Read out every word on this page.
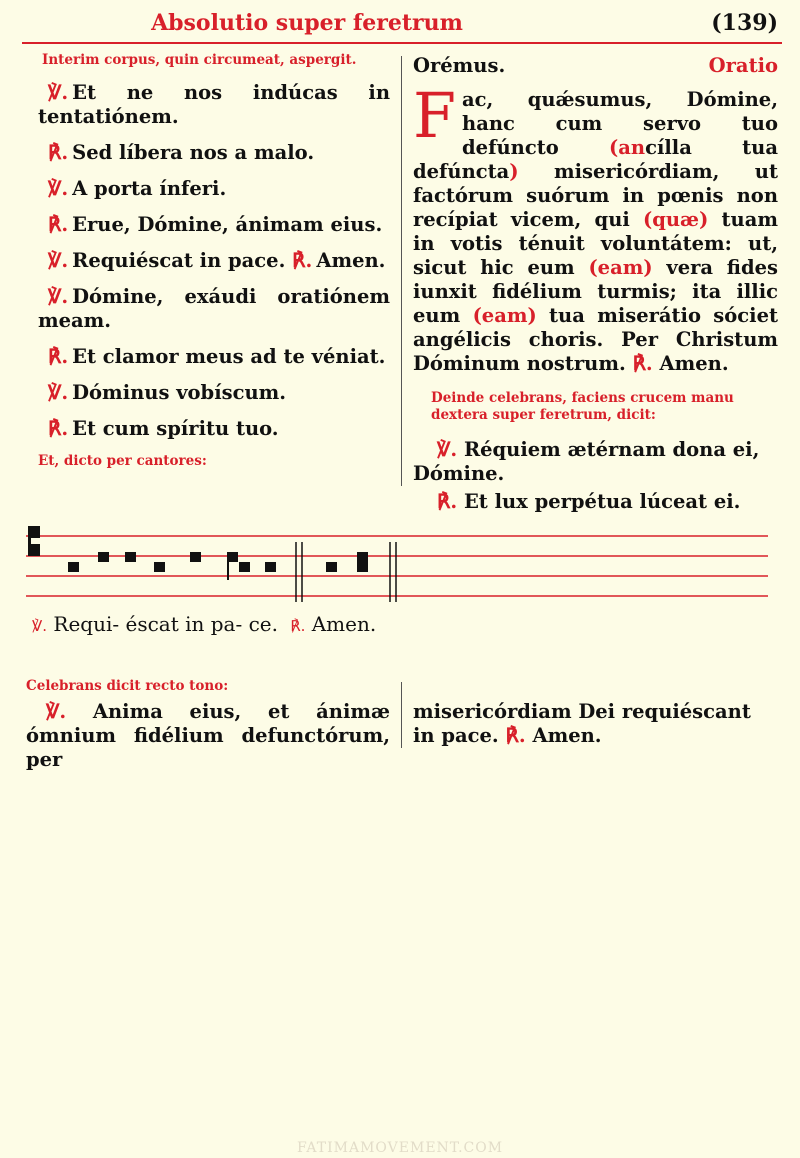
Absolutio super feretrum	(139)

Interim corpus, quin circumeat, aspergit.

℣. Et ne nos indúcas in tentatiónem.

℟. Sed líbera nos a malo.

℣. A porta ínferi.

℟. Erue, Dómine, ánimam eius.

℣. Requiéscat in pace. ℟. Amen.

℣. Dómine, exáudi oratiónem meam.

℟. Et clamor meus ad te véniat.

℣. Dóminus vobíscum.

℟. Et cum spíritu tuo.

Et, dicto per cantores:

Orémus.	Oratio

Fac, quǽsumus, Dómine, hanc cum servo tuo defúncto (ancílla tua defúncta) misericórdiam, ut factórum suórum in pœnis non recípiat vicem, qui (quæ) tuam in votis ténuit voluntátem: ut, sicut hic eum (eam) vera fides iunxit fidélium turmis; ita illic eum (eam) tua miserátio sóciet angélicis choris. Per Christum Dóminum nostrum. ℟. Amen.

Deinde celebrans, faciens crucem manu dextera super feretrum, dicit:

℣. Réquiem ætérnam dona ei, Dómine.

℟. Et lux perpétua lúceat ei.

℣. Requi- éscat in pa- ce. ℟. Amen.

Celebrans dicit recto tono:

℣. Anima eius, et ánimæ ómnium fidélium defunctórum, per

misericórdiam Dei requiéscant in pace. ℟. Amen.

FATIMAMOVEMENT.COM
